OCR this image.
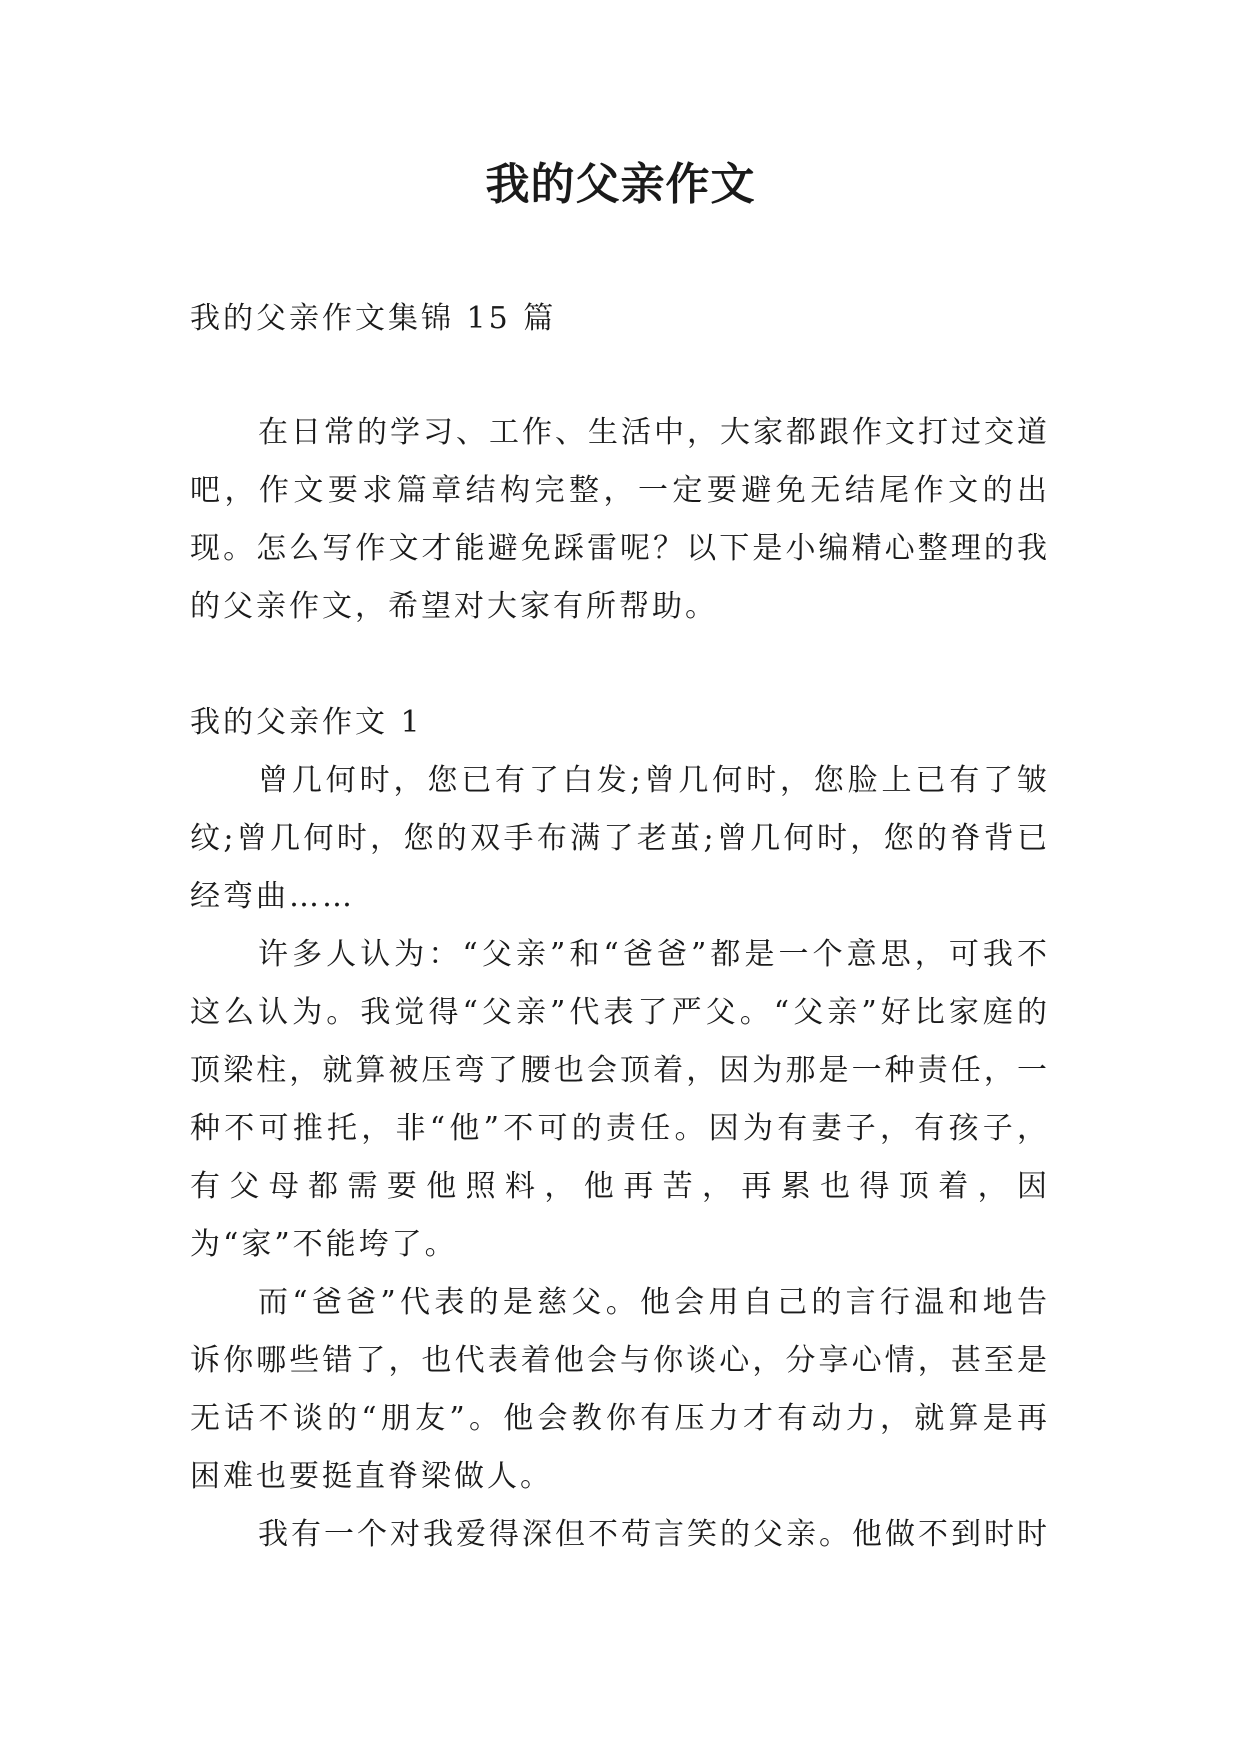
我的父亲作文

我的父亲作文集锦 15 篇

在日常的学习、工作、生活中，大家都跟作文打过交道吧，作文要求篇章结构完整，一定要避免无结尾作文的出现。怎么写作文才能避免踩雷呢？以下是小编精心整理的我的父亲作文，希望对大家有所帮助。

我的父亲作文 1

曾几何时，您已有了白发;曾几何时，您脸上已有了皱纹;曾几何时，您的双手布满了老茧;曾几何时，您的脊背已经弯曲……

许多人认为：“父亲”和“爸爸”都是一个意思，可我不这么认为。我觉得“父亲”代表了严父。“父亲”好比家庭的顶梁柱，就算被压弯了腰也会顶着，因为那是一种责任，一种不可推托，非“他”不可的责任。因为有妻子，有孩子，有父母都需要他照料，他再苦，再累也得顶着，因为“家”不能垮了。

而“爸爸”代表的是慈父。他会用自己的言行温和地告诉你哪些错了，也代表着他会与你谈心，分享心情，甚至是无话不谈的“朋友”。他会教你有压力才有动力，就算是再困难也要挺直脊梁做人。

我有一个对我爱得深但不苟言笑的父亲。他做不到时时
